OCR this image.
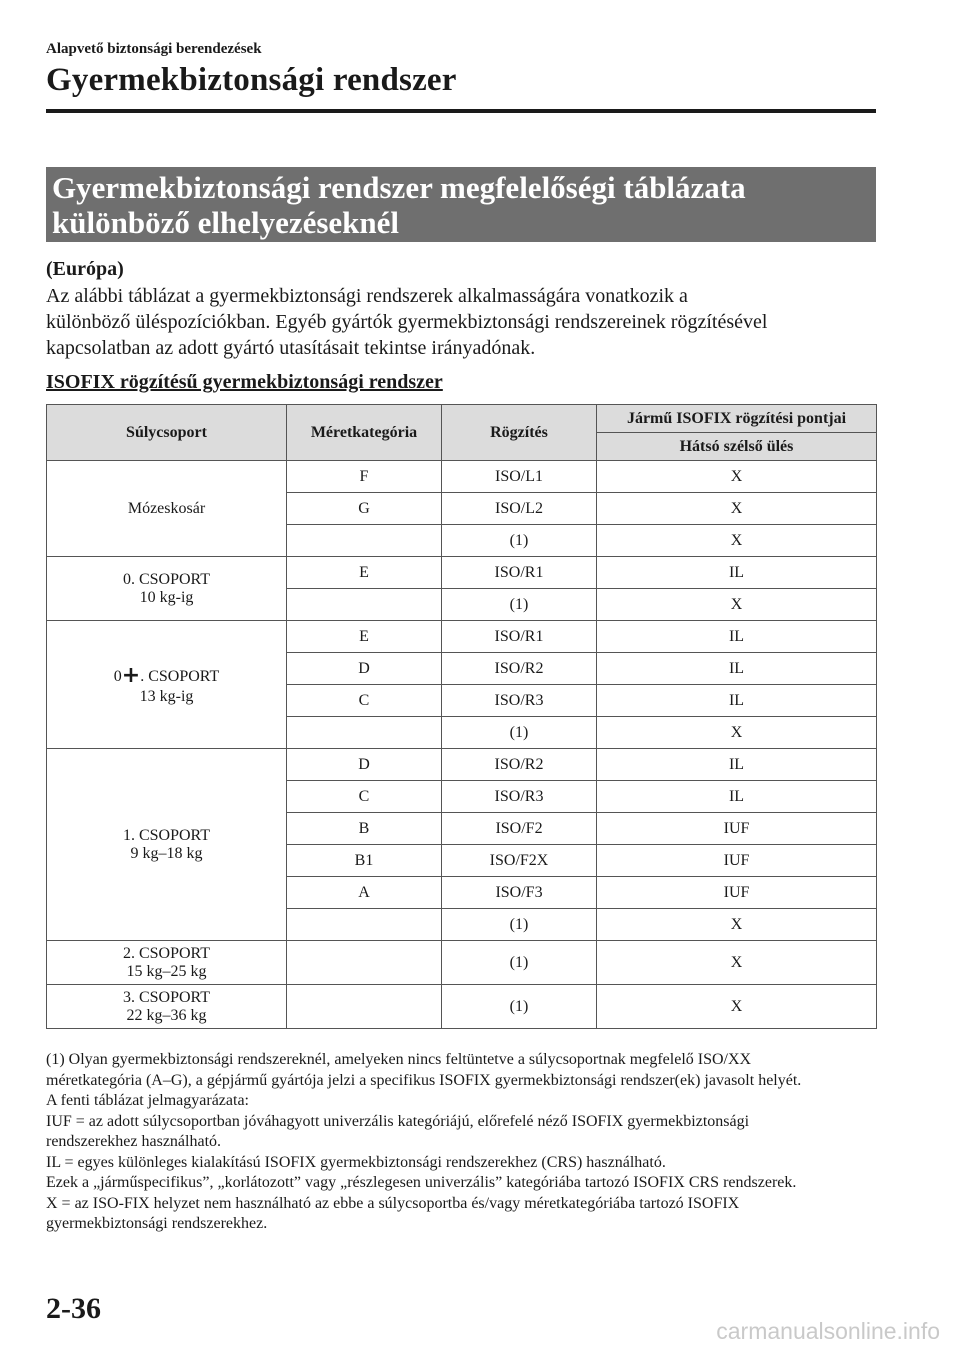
Alapvető biztonsági berendezések
Gyermekbiztonsági rendszer
Gyermekbiztonsági rendszer megfelelőségi táblázata
különböző elhelyezéseknél
(Európa)
Az alábbi táblázat a gyermekbiztonsági rendszerek alkalmasságára vonatkozik a
különböző üléspozíciókban. Egyéb gyártók gyermekbiztonsági rendszereinek rögzítésével
kapcsolatban az adott gyártó utasításait tekintse irányadónak.
ISOFIX rögzítésű gyermekbiztonsági rendszer
Súlycsoport	Méretkategória	Rögzítés	Jármű ISOFIX rögzítési pontjai
			Hátsó szélső ülés
Mózeskosár	F	ISO/L1	X
	G	ISO/L2	X
		(1)	X

0. CSOPORT
10 kg-ig	E	ISO/R1	IL
		(1)	X

0+. CSOPORT
13 kg-ig	E	ISO/R1	IL
	D	ISO/R2	IL
	C	ISO/R3	IL
		(1)	X

1. CSOPORT
9 kg–18 kg	D	ISO/R2	IL
	C	ISO/R3	IL
	B	ISO/F2	IUF
	B1	ISO/F2X	IUF
	A	ISO/F3	IUF
		(1)	X

2. CSOPORT
15 kg–25 kg		(1)	X

3. CSOPORT
22 kg–36 kg		(1)	X
(1) Olyan gyermekbiztonsági rendszereknél, amelyeken nincs feltüntetve a súlycsoportnak megfelelő ISO/XX
méretkategória (A–G), a gépjármű gyártója jelzi a specifikus ISOFIX gyermekbiztonsági rendszer(ek) javasolt helyét.
A fenti táblázat jelmagyarázata:
IUF = az adott súlycsoportban jóváhagyott univerzális kategóriájú, előrefelé néző ISOFIX gyermekbiztonsági
rendszerekhez használható.
IL = egyes különleges kialakítású ISOFIX gyermekbiztonsági rendszerekhez (CRS) használható.
Ezek a „járműspecifikus”, „korlátozott” vagy „részlegesen univerzális” kategóriába tartozó ISOFIX CRS rendszerek.
X = az ISO-FIX helyzet nem használható az ebbe a súlycsoportba és/vagy méretkategóriába tartozó ISOFIX
gyermekbiztonsági rendszerekhez.
2-36
carmanualsonline.info
